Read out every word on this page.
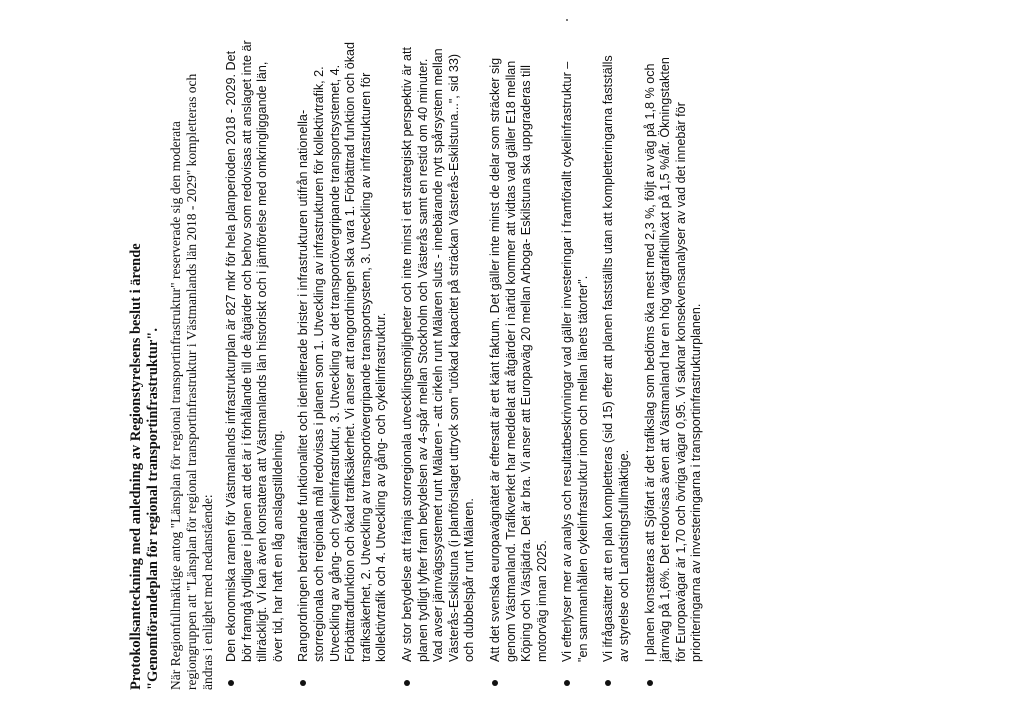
Protokollsanteckning med anledning av Regionstyrelsens beslut i ärende
"Genomförandeplan för regional transportinfrastruktur". När Regionfullmäktige antog "Länsplan för regional transportinfrastruktur" reserverade sig den moderata regiongruppen att "Länsplan för regional transportinfrastruktur i Västmanlands län 2018 - 2029" kompletteras och ändras i enlighet med nedanstående: Den ekonomiska ramen för Västmanlands infrastrukturplan är 827 mkr för hela planperioden 2018 - 2029. Det bör framgå tydligare i planen att det är i förhållande till de åtgärder och behov som redovisas att anslaget inte är tillräckligt. Vi kan även konstatera att Västmanlands län historiskt och i jämförelse med omkringliggande län, över tid, har haft en låg anslagstilldelning. Rangordningen beträffande funktionalitet och identifierade brister i infrastrukturen utifrån nationella- storregionala och regionala mål redovisas i planen som 1. Utveckling av infrastrukturen för kollektivtrafik, 2. Utveckling av gång- och cykelinfrastruktur, 3. Utveckling av det transportövergripande transportsystemet, 4. Förbättradfunktion och ökad trafiksäkerhet. Vi anser att rangordningen ska vara 1. Förbättrad funktion och ökad trafiksäkerhet, 2. Utveckling av transportövergripande transportsystem, 3. Utveckling av infrastrukturen för kollektivtrafik och 4. Utveckling av gång- och cykelinfrastruktur. Av stor betydelse att främja storregionala utvecklingsmöjligheter och inte minst i ett strategiskt perspektiv är att planen tydligt lyfter fram betydelsen av 4-spår mellan Stockholm och Västerås samt en restid om 40 minuter. Vad avser järnvägssystemet runt Mälaren - att cirkeln runt Mälaren sluts - innebärande nytt spårsystem mellan Västerås-Eskilstuna (i planförslaget uttryck som "utökad kapacitet på sträckan Västerås-Eskilstuna...", sid 33) och dubbelspår runt Mälaren. Att det svenska europavägnätet är eftersatt är ett känt faktum. Det gäller inte minst de delar som sträcker sig genom Västmanland. Trafikverket har meddelat att åtgärder i närtid kommer att vidtas vad gäller E18 mellan Köping och Västjädra. Det är bra. Vi anser att Europaväg 20 mellan Arboga- Eskilstuna ska uppgraderas till motorväg innan 2025. Vi efterlyser mer av analys och resultatbeskrivningar vad gäller investeringar i framförallt cykelinfrastruktur – "en sammanhållen cykelinfrastruktur inom och mellan länets tätorter". Vi ifrågasätter att en plan kompletteras (sid 15) efter att planen fastställts utan att kompletteringarna fastställs av styrelse och Landstingsfullmäktige. I planen konstateras att Sjöfart är det trafikslag som bedöms öka mest med 2,3 %, följt av väg på 1,8 % och järnväg på 1,6%. Det redovisas även att Västmanland har en hög vägtrafiktillväxt på 1,5 %/år. Ökningstakten för Europavägar är 1,70 och övriga vägar 0,95. Vi saknar konsekvensanalyser av vad det innebär för prioriteringarna av investeringarna i transportinfrastrukturplanen.
